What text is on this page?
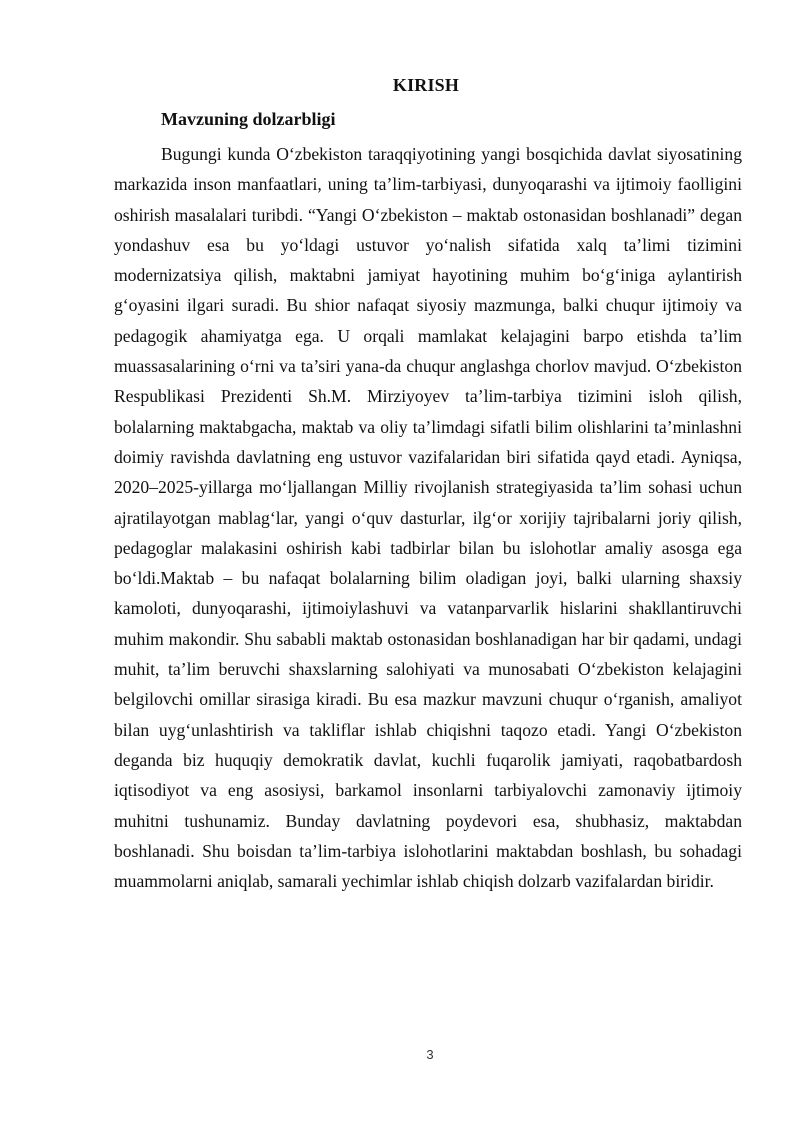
KIRISH
Mavzuning dolzarbligi

Bugungi kunda O‘zbekiston taraqqiyotining yangi bosqichida davlat siyosatining markazida inson manfaatlari, uning ta’lim-tarbiyasi, dunyoqarashi va ijtimoiy faolligini oshirish masalalari turibdi. “Yangi O‘zbekiston – maktab ostonasidan boshlanadi” degan yondashuv esa bu yo‘ldagi ustuvor yo‘nalish sifatida xalq ta’limi tizimini modernizatsiya qilish, maktabni jamiyat hayotining muhim bo‘g‘iniga aylantirish g‘oyasini ilgari suradi. Bu shior nafaqat siyosiy mazmunga, balki chuqur ijtimoiy va pedagogik ahamiyatga ega. U orqali mamlakat kelajagini barpo etishda ta’lim muassasalarining o‘rni va ta’siri yana-da chuqur anglashga chorlov mavjud. O‘zbekiston Respublikasi Prezidenti Sh.M. Mirziyoyev ta’lim-tarbiya tizimini isloh qilish, bolalarning maktabgacha, maktab va oliy ta’limdagi sifatli bilim olishlarini ta’minlashni doimiy ravishda davlatning eng ustuvor vazifalaridan biri sifatida qayd etadi. Ayniqsa, 2020–2025-yillarga mo‘ljallangan Milliy rivojlanish strategiyasida ta’lim sohasi uchun ajratilayotgan mablag‘lar, yangi o‘quv dasturlar, ilg‘or xorijiy tajribalarni joriy qilish, pedagoglar malakasini oshirish kabi tadbirlar bilan bu islohotlar amaliy asosga ega bo‘ldi.Maktab – bu nafaqat bolalarning bilim oladigan joyi, balki ularning shaxsiy kamoloti, dunyoqarashi, ijtimoiylashuvi va vatanparvarlik hislarini shakllantiruvchi muhim makondir. Shu sababli maktab ostonasidan boshlanadigan har bir qadami, undagi muhit, ta’lim beruvchi shaxslarning salohiyati va munosabati O‘zbekiston kelajagini belgilovchi omillar sirasiga kiradi. Bu esa mazkur mavzuni chuqur o‘rganish, amaliyot bilan uyg‘unlashtirish va takliflar ishlab chiqishni taqozo etadi. Yangi O‘zbekiston deganda biz huquqiy demokratik davlat, kuchli fuqarolik jamiyati, raqobatbardosh iqtisodiyot va eng asosiysi, barkamol insonlarni tarbiyalovchi zamonaviy ijtimoiy muhitni tushunamiz. Bunday davlatning poydevori esa, shubhasiz, maktabdan boshlanadi. Shu boisdan ta’lim-tarbiya islohotlarini maktabdan boshlash, bu sohadagi muammolarni aniqlab, samarali yechimlar ishlab chiqish dolzarb vazifalardan biridir.

3
